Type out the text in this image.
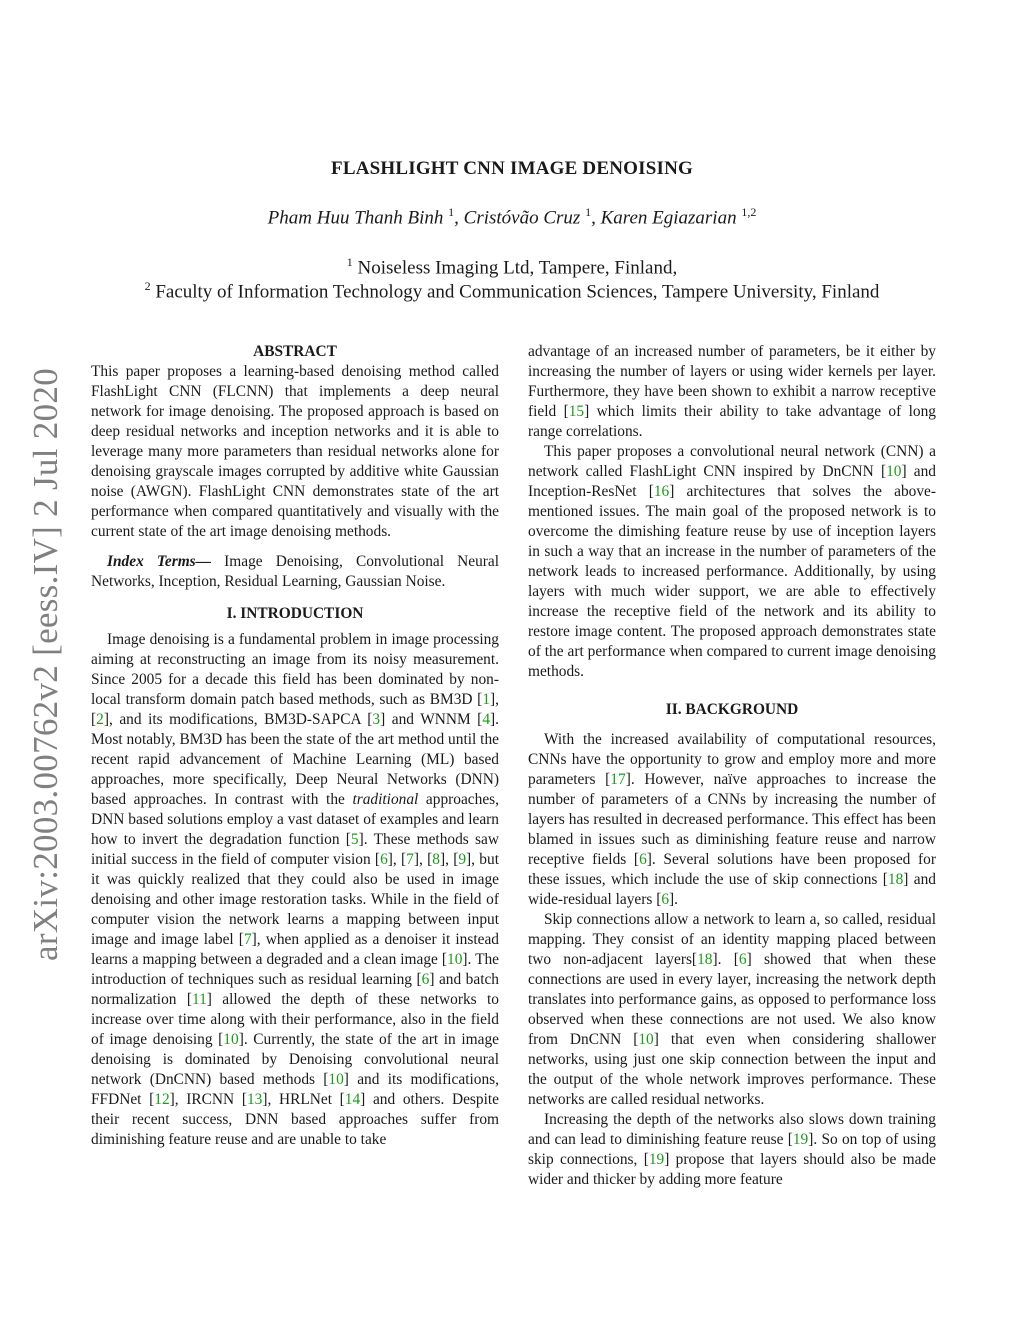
arXiv:2003.00762v2 [eess.IV] 2 Jul 2020
FLASHLIGHT CNN IMAGE DENOISING
Pham Huu Thanh Binh $^1$, Cristóvão Cruz $^1$, Karen Egiazarian $^{1,2}$
$^1$ Noiseless Imaging Ltd, Tampere, Finland,
$^2$ Faculty of Information Technology and Communication Sciences, Tampere University, Finland
ABSTRACT

This paper proposes a learning-based denoising method called FlashLight CNN (FLCNN) that implements a deep neural network for image denoising. The proposed approach is based on deep residual networks and inception networks and it is able to leverage many more parameters than residual networks alone for denoising grayscale images corrupted by additive white Gaussian noise (AWGN). FlashLight CNN demonstrates state of the art performance when compared quantitatively and visually with the current state of the art image denoising methods.

Index Terms— Image Denoising, Convolutional Neural Networks, Inception, Residual Learning, Gaussian Noise.

I. INTRODUCTION

Image denoising is a fundamental problem in image processing aiming at reconstructing an image from its noisy measurement. Since 2005 for a decade this field has been dominated by non-local transform domain patch based methods, such as BM3D [1], [2], and its modifications, BM3D-SAPCA [3] and WNNM [4]. Most notably, BM3D has been the state of the art method until the recent rapid advancement of Machine Learning (ML) based approaches, more specifically, Deep Neural Networks (DNN) based approaches. In contrast with the traditional approaches, DNN based solutions employ a vast dataset of examples and learn how to invert the degradation function [5]. These methods saw initial success in the field of computer vision [6], [7], [8], [9], but it was quickly realized that they could also be used in image denoising and other image restoration tasks. While in the field of computer vision the network learns a mapping between input image and image label [7], when applied as a denoiser it instead learns a mapping between a degraded and a clean image [10]. The introduction of techniques such as residual learning [6] and batch normalization [11] allowed the depth of these networks to increase over time along with their performance, also in the field of image denoising [10]. Currently, the state of the art in image denoising is dominated by Denoising convolutional neural network (DnCNN) based methods [10] and its modifications, FFDNet [12], IRCNN [13], HRLNet [14] and others. Despite their recent success, DNN based approaches suffer from diminishing feature reuse and are unable to take

advantage of an increased number of parameters, be it either by increasing the number of layers or using wider kernels per layer. Furthermore, they have been shown to exhibit a narrow receptive field [15] which limits their ability to take advantage of long range correlations.

This paper proposes a convolutional neural network (CNN) a network called FlashLight CNN inspired by DnCNN [10] and Inception-ResNet [16] architectures that solves the above-mentioned issues. The main goal of the proposed network is to overcome the dimishing feature reuse by use of inception layers in such a way that an increase in the number of parameters of the network leads to increased performance. Additionally, by using layers with much wider support, we are able to effectively increase the receptive field of the network and its ability to restore image content. The proposed approach demonstrates state of the art performance when compared to current image denoising methods.

II. BACKGROUND

With the increased availability of computational resources, CNNs have the opportunity to grow and employ more and more parameters [17]. However, naïve approaches to increase the number of parameters of a CNNs by increasing the number of layers has resulted in decreased performance. This effect has been blamed in issues such as diminishing feature reuse and narrow receptive fields [6]. Several solutions have been proposed for these issues, which include the use of skip connections [18] and wide-residual layers [6].

Skip connections allow a network to learn a, so called, residual mapping. They consist of an identity mapping placed between two non-adjacent layers[18]. [6] showed that when these connections are used in every layer, increasing the network depth translates into performance gains, as opposed to performance loss observed when these connections are not used. We also know from DnCNN [10] that even when considering shallower networks, using just one skip connection between the input and the output of the whole network improves performance. These networks are called residual networks.

Increasing the depth of the networks also slows down training and can lead to diminishing feature reuse [19]. So on top of using skip connections, [19] propose that layers should also be made wider and thicker by adding more feature
